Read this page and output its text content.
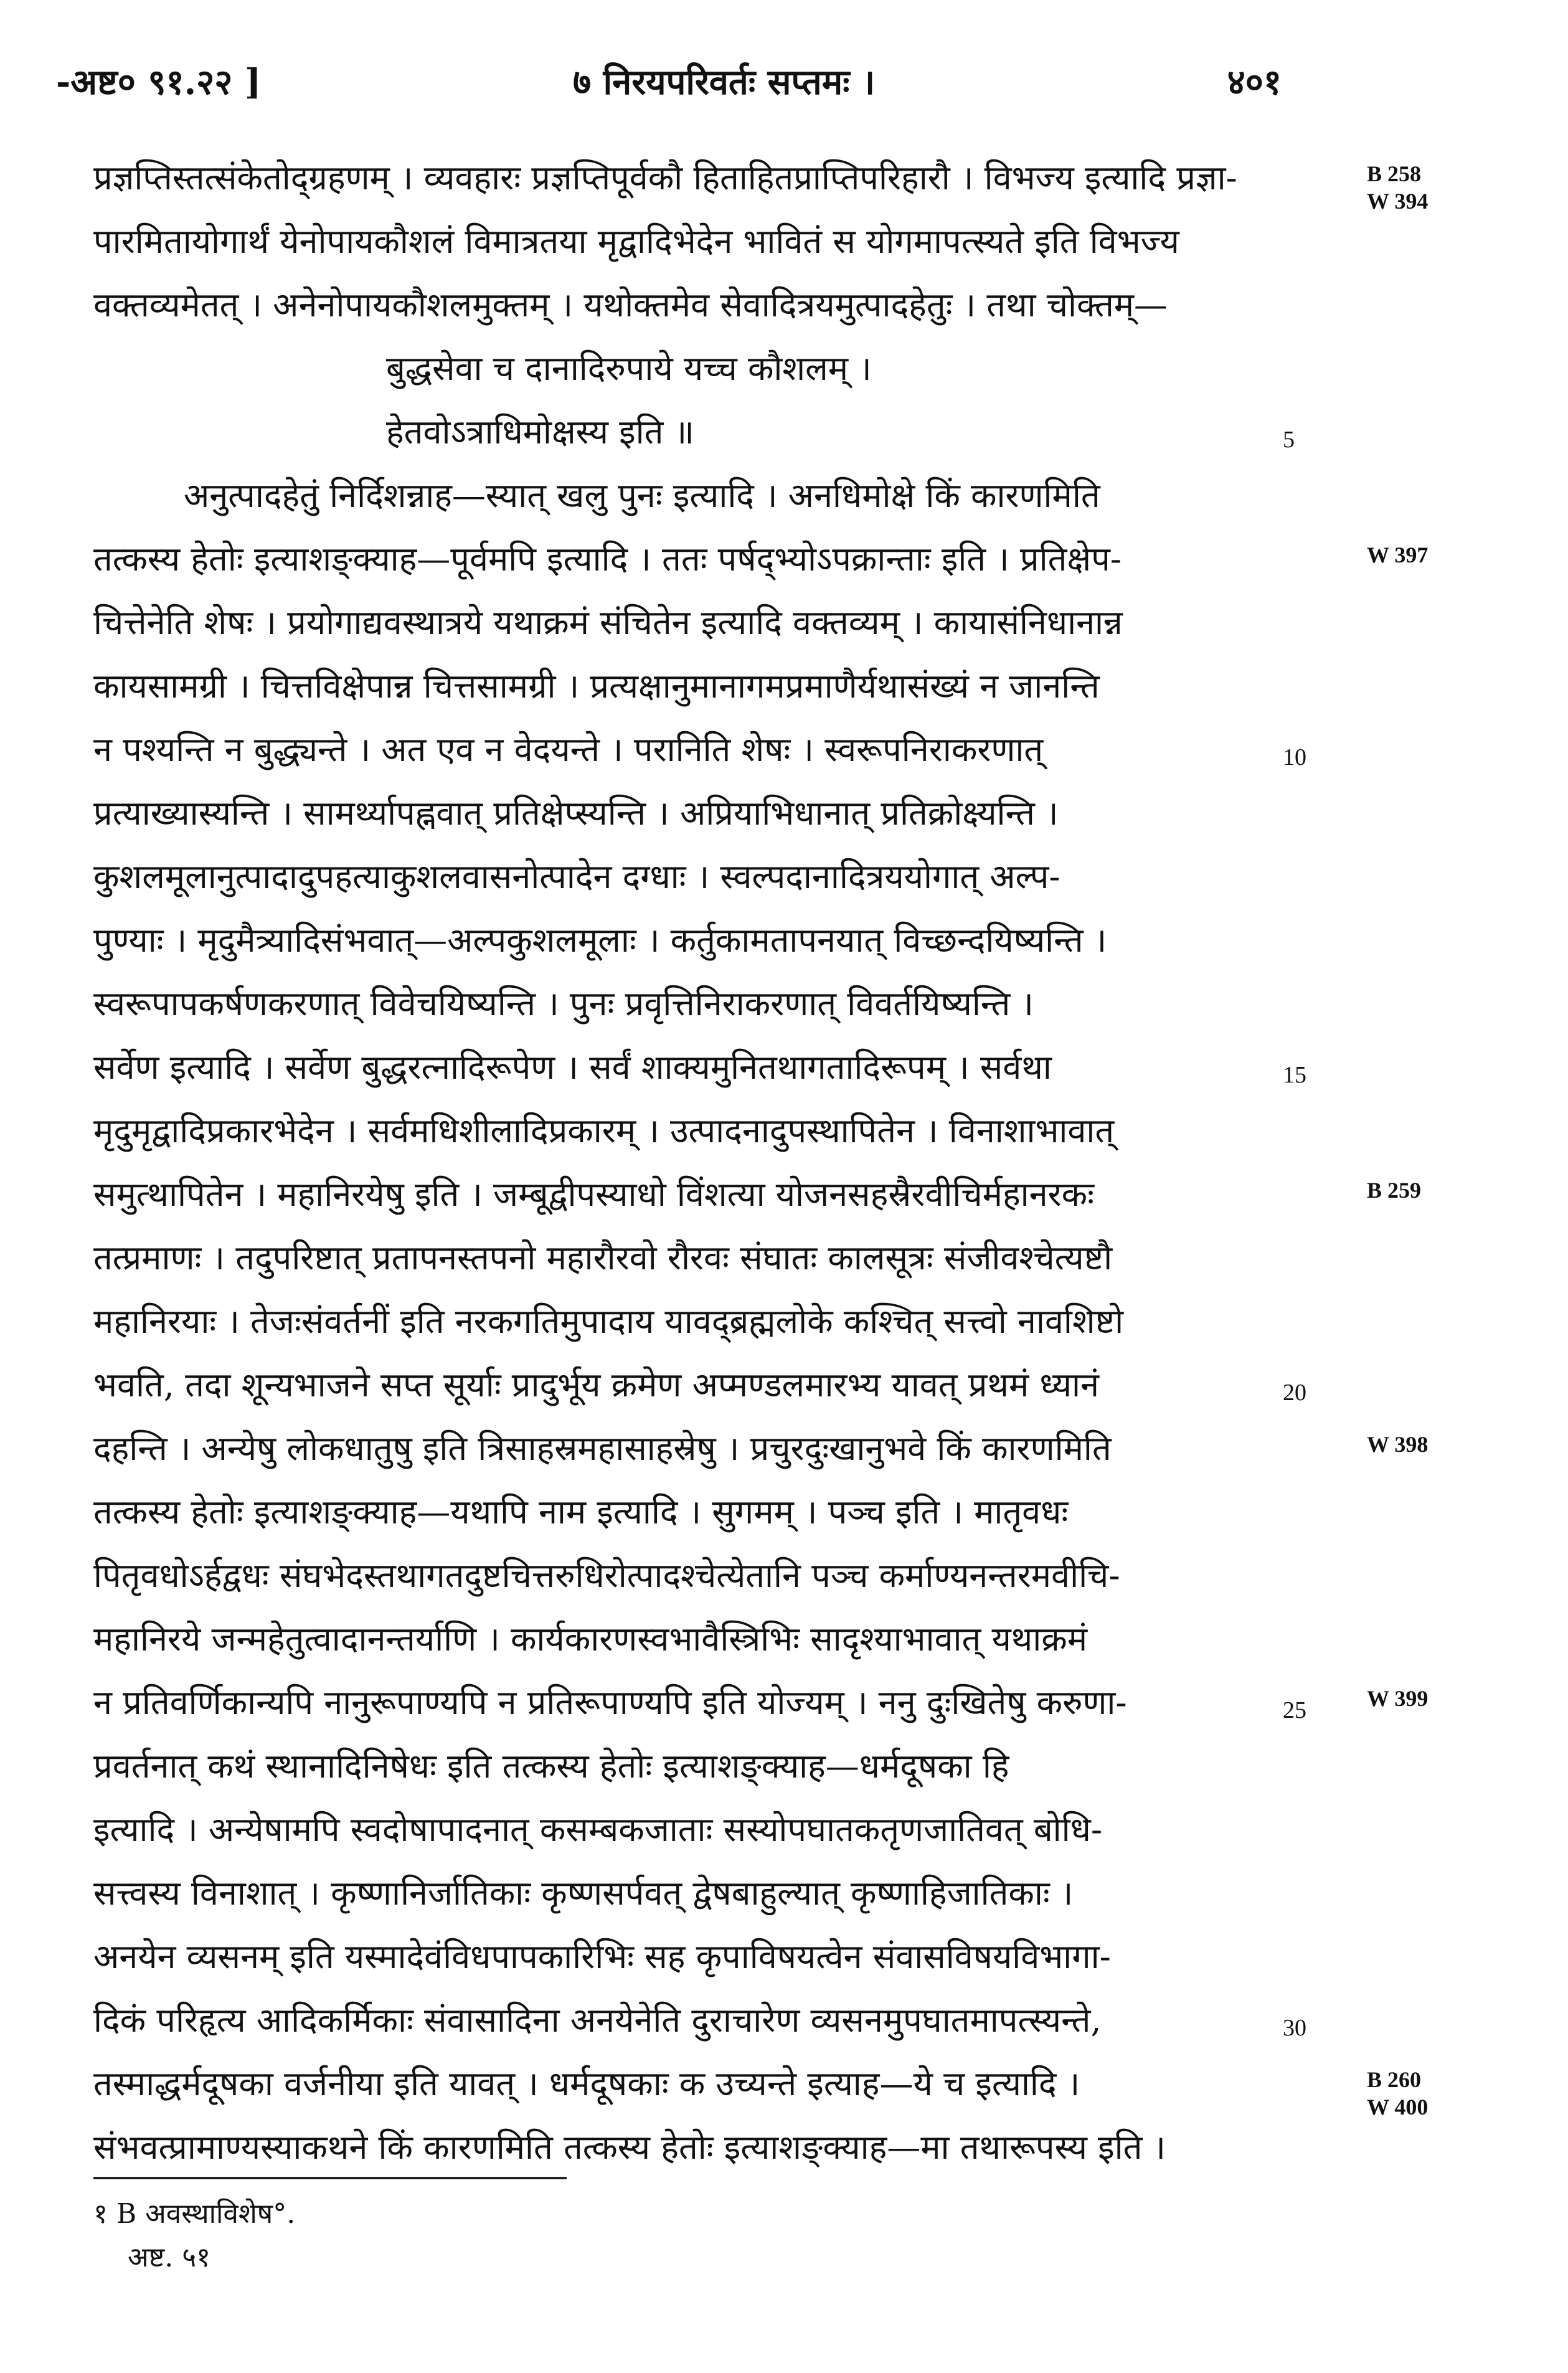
-अष्ट० ९१.२२ ]	७ निरयपरिवर्तः सप्तमः ।	४०१
प्रज्ञप्तिस्तत्संकेतोद्ग्रहणम् । व्यवहारः प्रज्ञप्तिपूर्वकौ हिताहितप्राप्तिपरिहारौ । विभज्य इत्यादि प्रज्ञा-
पारमितायोगार्थं येनोपायकौशलं विमात्रतया मृद्वादिभेदेन भावितं स योगमापत्स्यते इति विभज्य
वक्तव्यमेतत् । अनेनोपायकौशलमुक्तम् । यथोक्तमेव सेवादित्रयमुत्पादहेतुः । तथा चोक्तम्—
बुद्धसेवा च दानादिरुपाये यच्च कौशलम् ।
हेतवोऽत्राधिमोक्षस्य इति ॥	5
अनुत्पादहेतुं निर्दिशन्नाह—स्यात् खलु पुनः इत्यादि । अनधिमोक्षे किं कारणमिति
तत्कस्य हेतोः इत्याशङ्क्याह—पूर्वमपि इत्यादि । ततः पर्षद्भ्योऽपक्रान्ताः इति । प्रतिक्षेप-
चित्तेनेति शेषः । प्रयोगाद्यवस्थात्रये यथाक्रमं संचितेन इत्यादि वक्तव्यम् । कायासंनिधानान्न
कायसामग्री । चित्तविक्षेपान्न चित्तसामग्री । प्रत्यक्षानुमानागमप्रमाणैर्यथासंख्यं न जानन्ति
न पश्यन्ति न बुद्ध्यन्ते । अत एव न वेदयन्ते । परानिति शेषः । स्वरूपनिराकरणात्	10
प्रत्याख्यास्यन्ति । सामर्थ्यापह्नवात् प्रतिक्षेप्स्यन्ति । अप्रियाभिधानात् प्रतिक्रोक्ष्यन्ति ।
कुशलमूलानुत्पादादुपहत्याकुशलवासनोत्पादेन दग्धाः । स्वल्पदानादित्रययोगात् अल्प-
पुण्याः । मृदुमैत्र्यादिसंभवात्—अल्पकुशलमूलाः । कर्तुकामतापनयात् विच्छन्दयिष्यन्ति ।
स्वरूपापकर्षणकरणात् विवेचयिष्यन्ति । पुनः प्रवृत्तिनिराकरणात् विवर्तयिष्यन्ति ।
सर्वेण इत्यादि । सर्वेण बुद्धरत्नादिरूपेण । सर्वं शाक्यमुनितथागतादिरूपम् । सर्वथा	15
मृदुमृद्वादिप्रकारभेदेन । सर्वमधिशीलादिप्रकारम् । उत्पादनादुपस्थापितेन । विनाशाभावात्
समुत्थापितेन । महानिरयेषु इति । जम्बूद्वीपस्याधो विंशत्या योजनसहस्रैरवीचिर्महानरकः
तत्प्रमाणः । तदुपरिष्टात् प्रतापनस्तपनो महारौरवो रौरवः संघातः कालसूत्रः संजीवश्चेत्यष्टौ
महानिरयाः । तेजःसंवर्तनीं इति नरकगतिमुपादाय यावद्ब्रह्मलोके कश्चित् सत्त्वो नावशिष्टो
भवति, तदा शून्यभाजने सप्त सूर्याः प्रादुर्भूय क्रमेण अप्मण्डलमारभ्य यावत् प्रथमं ध्यानं	20
दहन्ति । अन्येषु लोकधातुषु इति त्रिसाहस्रमहासाहस्रेषु । प्रचुरदुःखानुभवे किं कारणमिति
तत्कस्य हेतोः इत्याशङ्क्याह—यथापि नाम इत्यादि । सुगमम् । पञ्च इति । मातृवधः
पितृवधोऽर्हद्वधः संघभेदस्तथागतदुष्टचित्तरुधिरोत्पादश्चेत्येतानि पञ्च कर्माण्यनन्तरमवीचि-
महानिरये जन्महेतुत्वादानन्तर्याणि । कार्यकारणस्वभावैस्त्रिभिः सादृश्याभावात् यथाक्रमं
न प्रतिवर्णिकान्यपि नानुरूपाण्यपि न प्रतिरूपाण्यपि इति योज्यम् । ननु दुःखितेषु करुणा-	25
प्रवर्तनात् कथं स्थानादिनिषेधः इति तत्कस्य हेतोः इत्याशङ्क्याह—धर्मदूषका हि
इत्यादि । अन्येषामपि स्वदोषापादनात् कसम्बकजाताः सस्योपघातकतृणजातिवत् बोधि-
सत्त्वस्य विनाशात् । कृष्णानिर्जातिकाः कृष्णसर्पवत् द्वेषबाहुल्यात् कृष्णाहिजातिकाः ।
अनयेन व्यसनम् इति यस्मादेवंविधपापकारिभिः सह कृपाविषयत्वेन संवासविषयविभागा-
दिकं परिहृत्य आदिकर्मिकाः संवासादिना अनयेनेति दुराचारेण व्यसनमुपघातमापत्स्यन्ते,	30
तस्माद्धर्मदूषका वर्जनीया इति यावत् । धर्मदूषकाः क उच्यन्ते इत्याह—ये च इत्यादि ।
संभवत्प्रामाण्यस्याकथने किं कारणमिति तत्कस्य हेतोः इत्याशङ्क्याह—मा तथारूपस्य इति ।
B 258
W 394
W 397
B 259
W 398
W 399
B 260
W 400
१ B अवस्थाविशेष°.
अष्ट. ५१
